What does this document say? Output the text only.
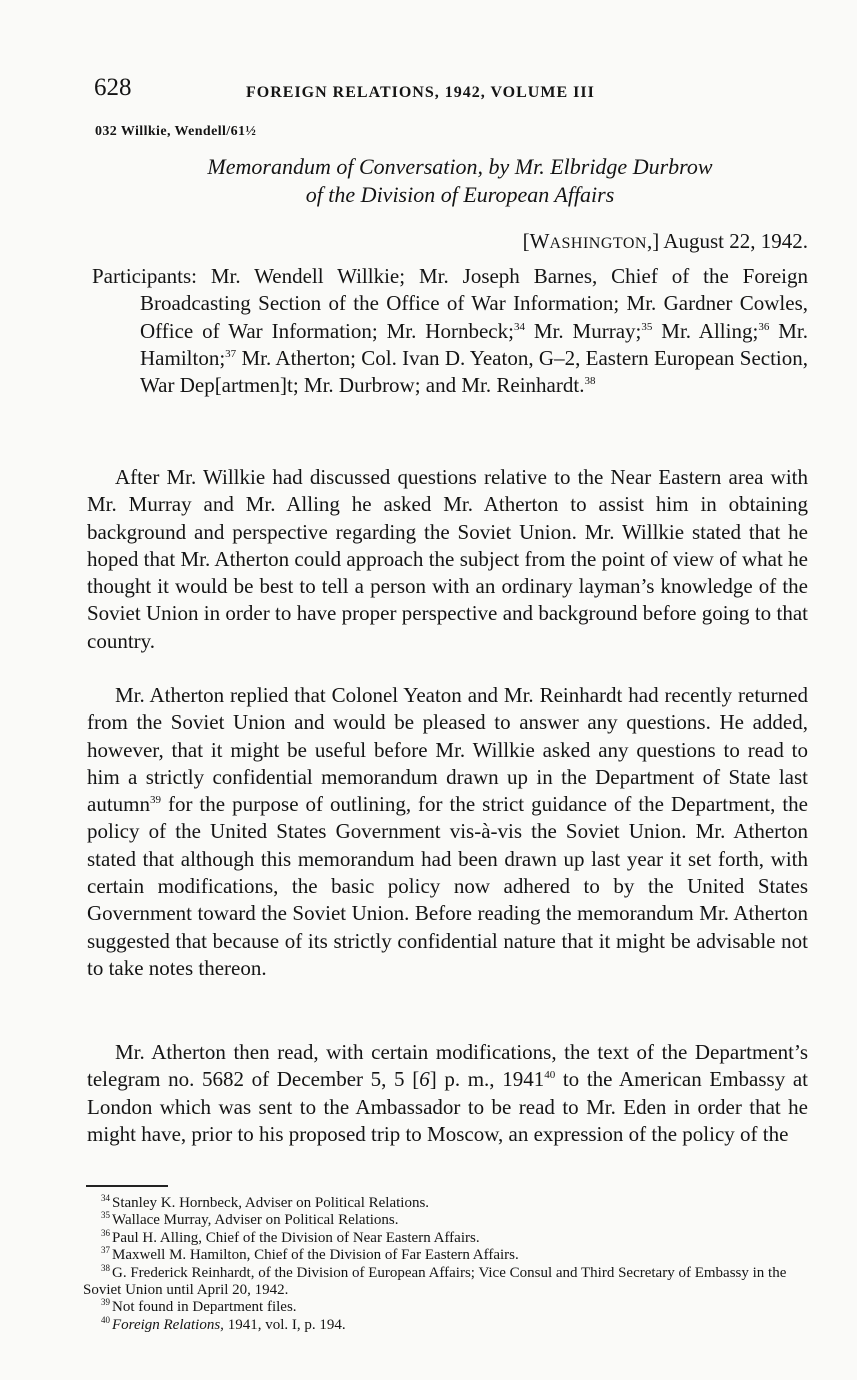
628	FOREIGN RELATIONS, 1942, VOLUME III
032 Willkie, Wendell/61½
Memorandum of Conversation, by Mr. Elbridge Durbrow
of the Division of European Affairs
[WASHINGTON,] August 22, 1942.
Participants: Mr. Wendell Willkie; Mr. Joseph Barnes, Chief of the Foreign Broadcasting Section of the Office of War Information; Mr. Gardner Cowles, Office of War Information; Mr. Hornbeck;$^{34}$ Mr. Murray;$^{35}$ Mr. Alling;$^{36}$ Mr. Hamilton;$^{37}$ Mr. Atherton; Col. Ivan D. Yeaton, G–2, Eastern European Section, War Dep[artmen]t; Mr. Durbrow; and Mr. Reinhardt.$^{38}$
After Mr. Willkie had discussed questions relative to the Near Eastern area with Mr. Murray and Mr. Alling he asked Mr. Atherton to assist him in obtaining background and perspective regarding the Soviet Union. Mr. Willkie stated that he hoped that Mr. Atherton could approach the subject from the point of view of what he thought it would be best to tell a person with an ordinary layman’s knowledge of the Soviet Union in order to have proper perspective and background before going to that country.
Mr. Atherton replied that Colonel Yeaton and Mr. Reinhardt had recently returned from the Soviet Union and would be pleased to answer any questions. He added, however, that it might be useful before Mr. Willkie asked any questions to read to him a strictly confidential memorandum drawn up in the Department of State last autumn$^{39}$ for the purpose of outlining, for the strict guidance of the Department, the policy of the United States Government vis-à-vis the Soviet Union. Mr. Atherton stated that although this memorandum had been drawn up last year it set forth, with certain modifications, the basic policy now adhered to by the United States Government toward the Soviet Union. Before reading the memorandum Mr. Atherton suggested that because of its strictly confidential nature that it might be advisable not to take notes thereon.
Mr. Atherton then read, with certain modifications, the text of the Department’s telegram no. 5682 of December 5, 5 [6] p. m., 1941$^{40}$ to the American Embassy at London which was sent to the Ambassador to be read to Mr. Eden in order that he might have, prior to his proposed trip to Moscow, an expression of the policy of the

$^{34}$ Stanley K. Hornbeck, Adviser on Political Relations.

$^{35}$ Wallace Murray, Adviser on Political Relations.

$^{36}$ Paul H. Alling, Chief of the Division of Near Eastern Affairs.

$^{37}$ Maxwell M. Hamilton, Chief of the Division of Far Eastern Affairs.

$^{38}$ G. Frederick Reinhardt, of the Division of European Affairs; Vice Consul and Third Secretary of Embassy in the Soviet Union until April 20, 1942.

$^{39}$ Not found in Department files.

$^{40}$ Foreign Relations, 1941, vol. I, p. 194.
